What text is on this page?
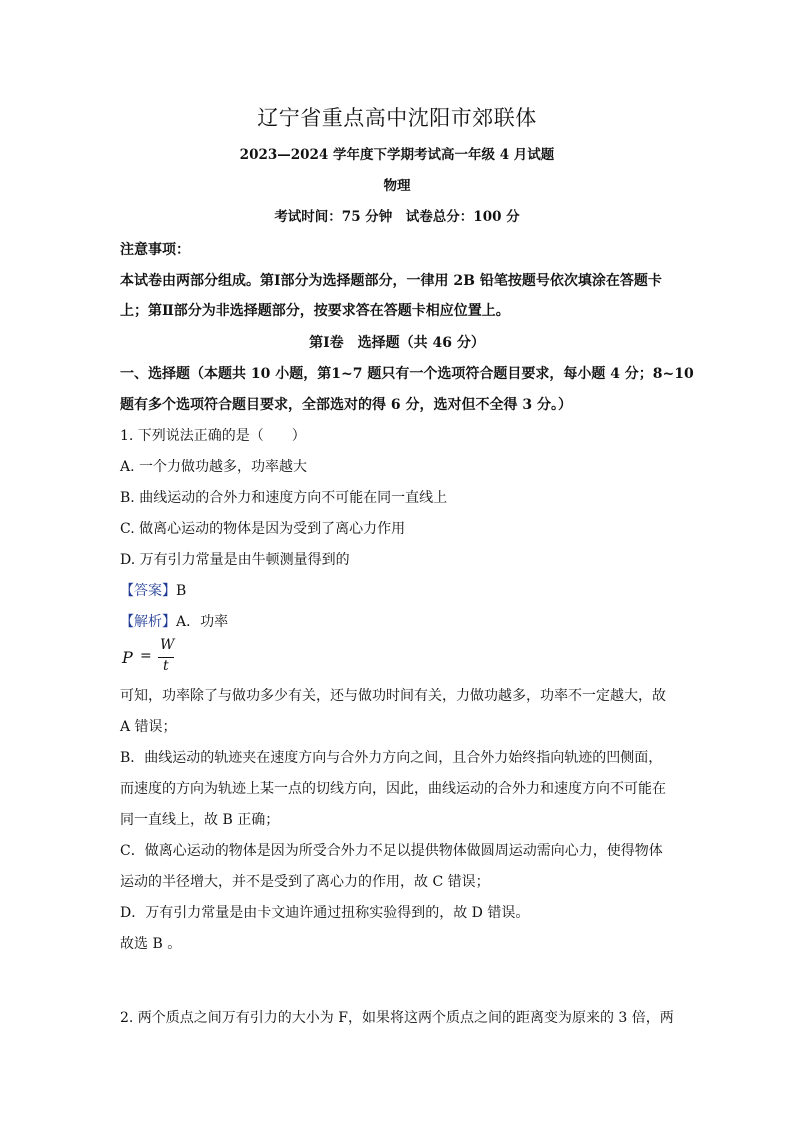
辽宁省重点高中沈阳市郊联体
2023—2024 学年度下学期考试高一年级 4 月试题
物理
考试时间：75 分钟　试卷总分：100 分
注意事项：
本试卷由两部分组成。第Ⅰ部分为选择题部分，一律用 2B 铅笔按题号依次填涂在答题卡
上；第Ⅱ部分为非选择题部分，按要求答在答题卡相应位置上。
第Ⅰ卷　选择题（共 46 分）
一、选择题（本题共 10 小题，第1~7 题只有一个选项符合题目要求，每小题 4 分；8~10
题有多个选项符合题目要求，全部选对的得 6 分，选对但不全得 3 分。）
1. 下列说法正确的是（　　）
A. 一个力做功越多，功率越大
B. 曲线运动的合外力和速度方向不可能在同一直线上
C. 做离心运动的物体是因为受到了离心力作用
D. 万有引力常量是由牛顿测量得到的
【答案】B
【解析】A．功率
P =
W
t
可知，功率除了与做功多少有关，还与做功时间有关，力做功越多，功率不一定越大，故
A 错误；
B．曲线运动的轨迹夹在速度方向与合外力方向之间，且合外力始终指向轨迹的凹侧面，
而速度的方向为轨迹上某一点的切线方向，因此，曲线运动的合外力和速度方向不可能在
同一直线上，故 B 正确；
C．做离心运动的物体是因为所受合外力不足以提供物体做圆周运动需向心力，使得物体
运动的半径增大，并不是受到了离心力的作用，故 C 错误；
D．万有引力常量是由卡文迪许通过扭称实验得到的，故 D 错误。
故选 B 。
2. 两个质点之间万有引力的大小为 F，如果将这两个质点之间的距离变为原来的 3 倍，两
